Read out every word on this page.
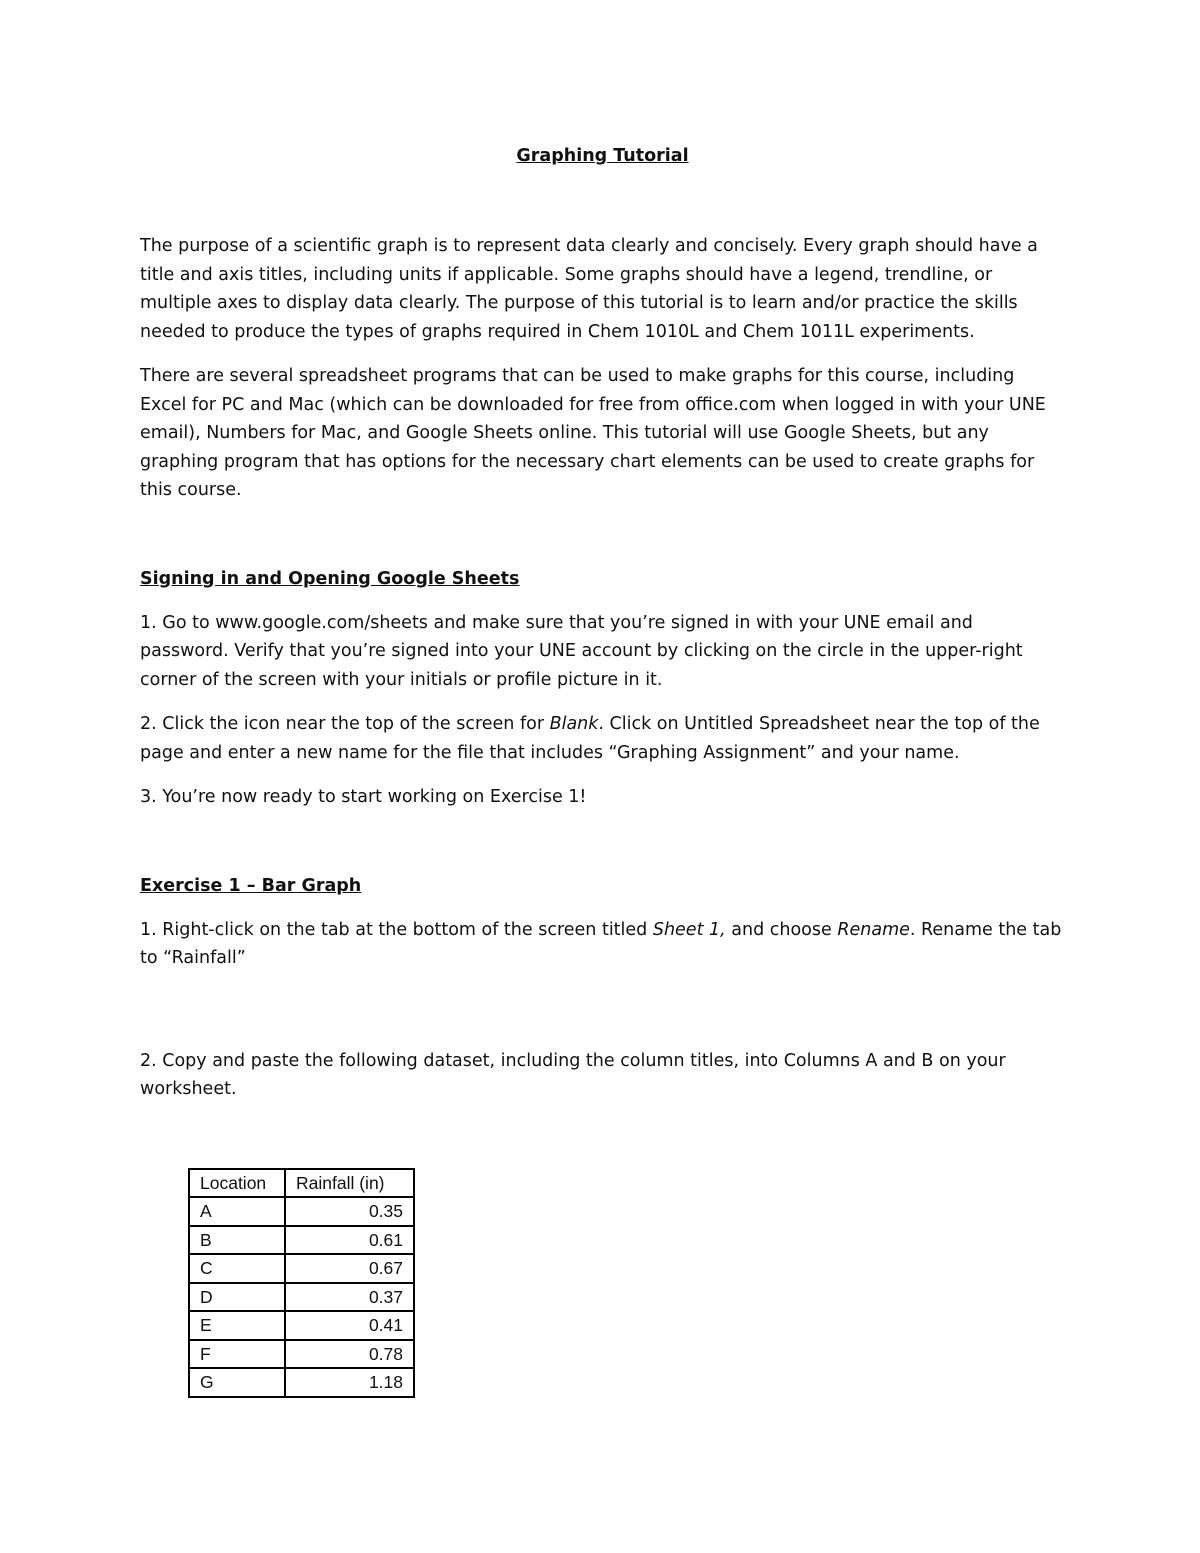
Graphing Tutorial

The purpose of a scientific graph is to represent data clearly and concisely. Every graph should have a title and axis titles, including units if applicable. Some graphs should have a legend, trendline, or multiple axes to display data clearly. The purpose of this tutorial is to learn and/or practice the skills needed to produce the types of graphs required in Chem 1010L and Chem 1011L experiments.

There are several spreadsheet programs that can be used to make graphs for this course, including Excel for PC and Mac (which can be downloaded for free from office.com when logged in with your UNE email), Numbers for Mac, and Google Sheets online. This tutorial will use Google Sheets, but any graphing program that has options for the necessary chart elements can be used to create graphs for this course.

Signing in and Opening Google Sheets

1. Go to www.google.com/sheets and make sure that you’re signed in with your UNE email and password. Verify that you’re signed into your UNE account by clicking on the circle in the upper-right corner of the screen with your initials or profile picture in it.

2. Click the icon near the top of the screen for Blank. Click on Untitled Spreadsheet near the top of the page and enter a new name for the file that includes “Graphing Assignment” and your name.

3. You’re now ready to start working on Exercise 1!

Exercise 1 – Bar Graph

1. Right-click on the tab at the bottom of the screen titled Sheet 1, and choose Rename. Rename the tab to “Rainfall”

2. Copy and paste the following dataset, including the column titles, into Columns A and B on your worksheet.

Location	Rainfall (in)
A	0.35
B	0.61
C	0.67
D	0.37
E	0.41
F	0.78
G	1.18
